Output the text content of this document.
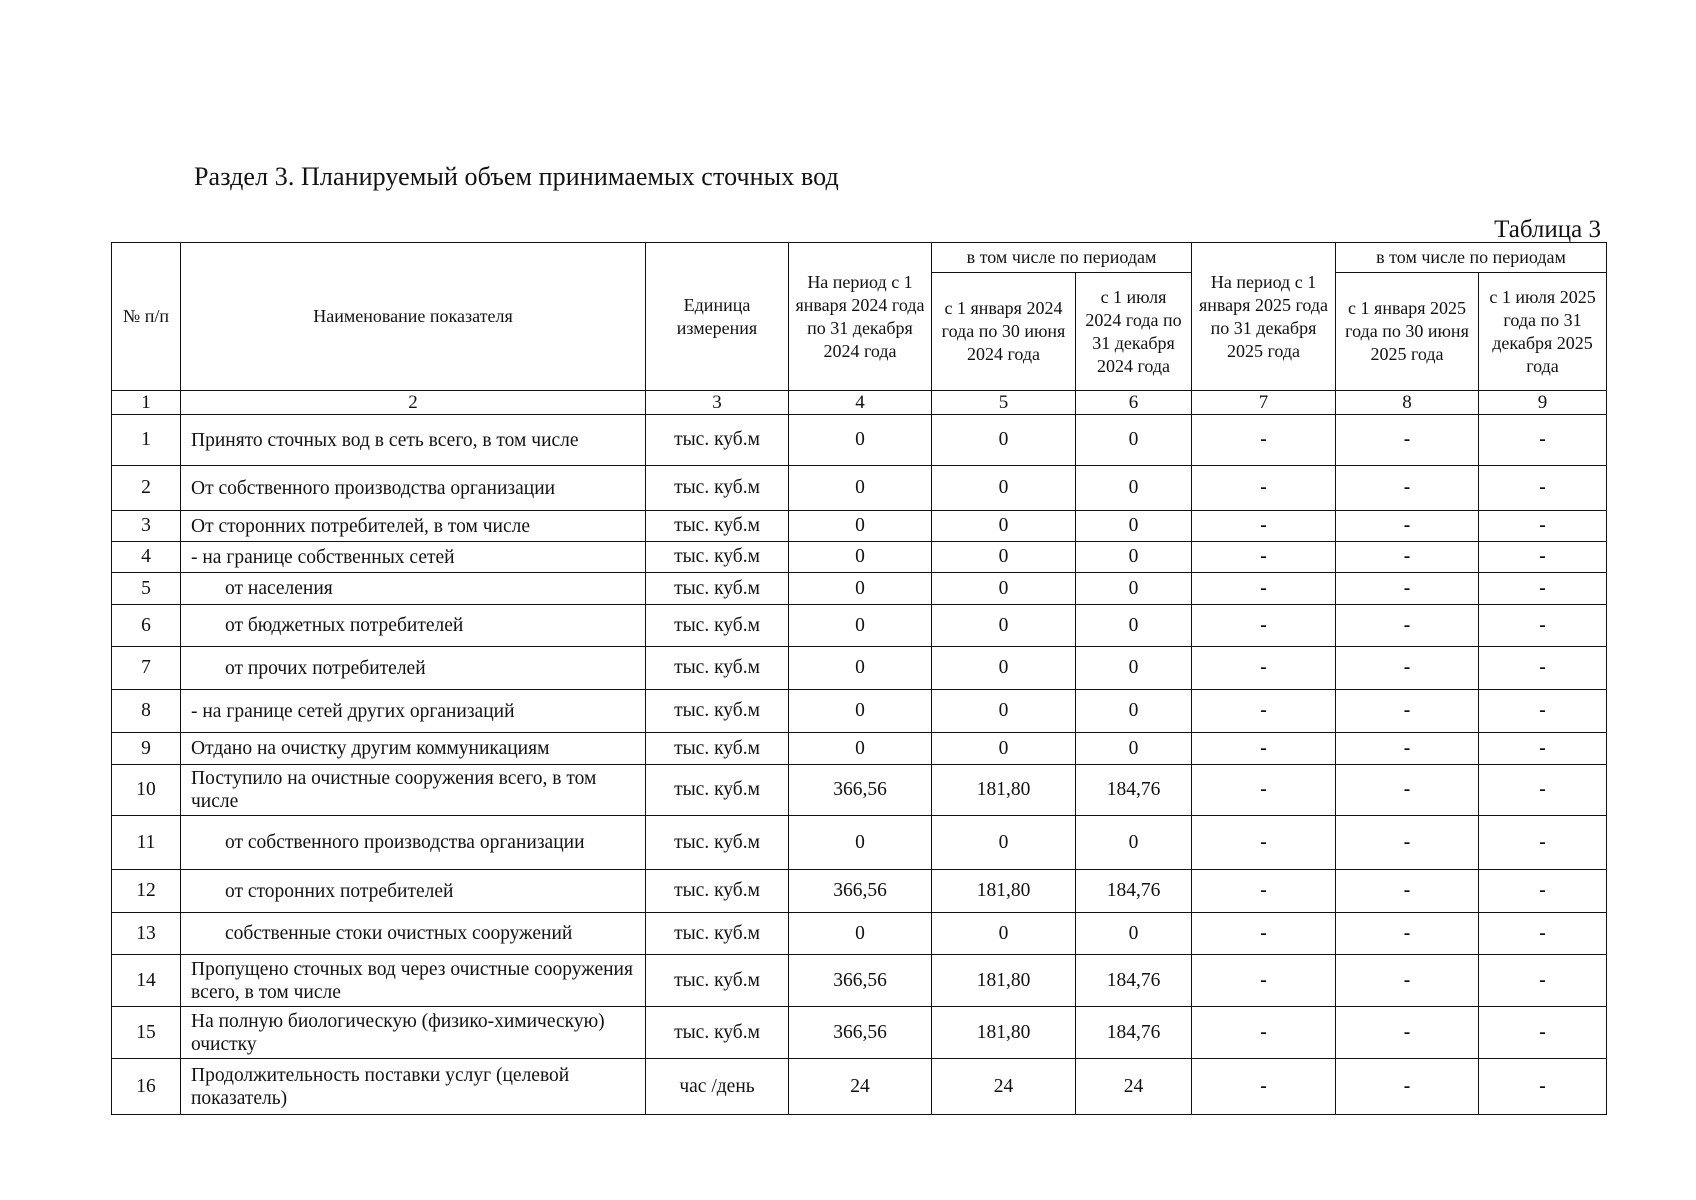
Раздел 3. Планируемый объем принимаемых сточных вод
Таблица 3
№ п/п	Наименование показателя	Единица измерения	На период с 1 января 2024 года по 31 декабря 2024 года	в том числе по периодам		На период с 1 января 2025 года по 31 декабря 2025 года	в том числе по периодам	
				с 1 января 2024 года по 30 июня 2024 года	с 1 июля 2024 года по 31 декабря 2024 года		с 1 января 2025 года по 30 июня 2025 года	с 1 июля 2025 года по 31 декабря 2025 года
1	2	3	4	5	6	7	8	9
1	Принято сточных вод в сеть всего, в том числе	тыс. куб.м	0	0	0	-	-	-
2	От собственного производства организации	тыс. куб.м	0	0	0	-	-	-
3	От сторонних потребителей, в том числе	тыс. куб.м	0	0	0	-	-	-
4	- на границе собственных сетей	тыс. куб.м	0	0	0	-	-	-
5	от населения	тыс. куб.м	0	0	0	-	-	-
6	от бюджетных потребителей	тыс. куб.м	0	0	0	-	-	-
7	от прочих потребителей	тыс. куб.м	0	0	0	-	-	-
8	- на границе сетей других организаций	тыс. куб.м	0	0	0	-	-	-
9	Отдано на очистку другим коммуникациям	тыс. куб.м	0	0	0	-	-	-
10	Поступило на очистные сооружения всего, в том числе	тыс. куб.м	366,56	181,80	184,76	-	-	-
11	от собственного производства организации	тыс. куб.м	0	0	0	-	-	-
12	от сторонних потребителей	тыс. куб.м	366,56	181,80	184,76	-	-	-
13	собственные стоки очистных сооружений	тыс. куб.м	0	0	0	-	-	-
14	Пропущено сточных вод через очистные сооружения всего, в том числе	тыс. куб.м	366,56	181,80	184,76	-	-	-
15	На полную биологическую (физико-химическую) очистку	тыс. куб.м	366,56	181,80	184,76	-	-	-
16	Продолжительность поставки услуг (целевой показатель)	час /день	24	24	24	-	-	-
